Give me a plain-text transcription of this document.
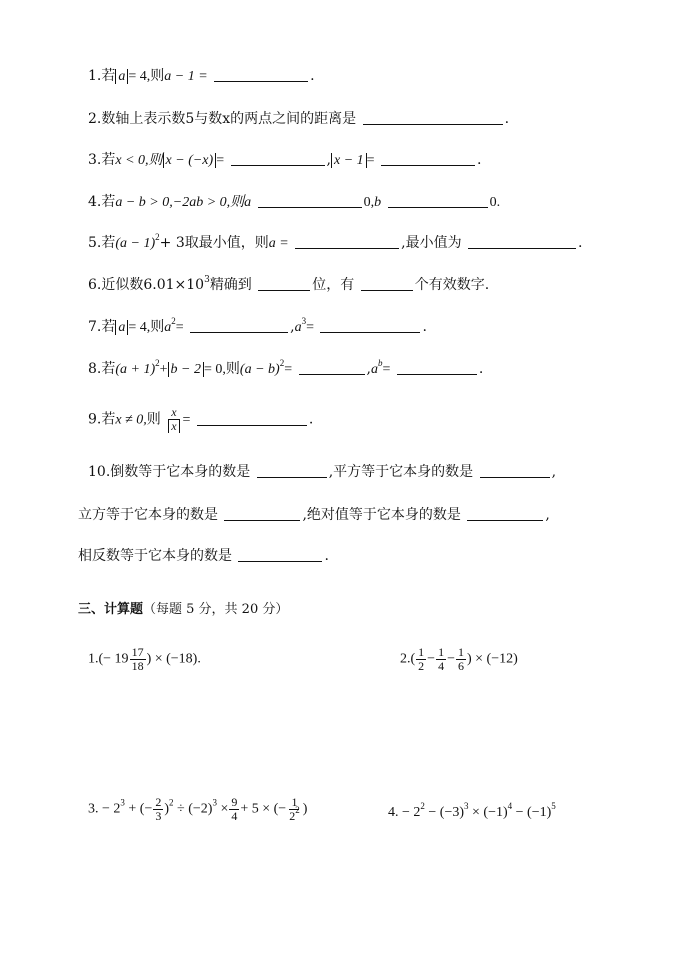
1.若 a = 4,则a − 1 =	.
2.数轴上表示数5与数x的两点之间的距离是	.
3.若x < 0,则 x − (−x) =	, x − 1 =	.
4.若a − b > 0,−2ab > 0,则a	0,b	0.
5.若$(a - 1)^2+ 3$取最小值，则a =	,最小值为	.
6.近似数$6.01\times 10^3$精确到	位，有	个有效数字.
7.若 a = 4,则$a^2=$	$,a^3=$	.
8.若$(a + 1)^2+ b - 2 = 0$,则$(a - b)^2=$	$,a^b=$	.
9.若x ≠ 0,则 $\frac{x}{x}$ =	.
10.倒数等于它本身的数是	,平方等于它本身的数是	,
立方等于它本身的数是	,绝对值等于它本身的数是	,
相反数等于它本身的数是	.
三、计算题（每题 5 分，共 20 分）
$1.(- 19 \frac{17}{18}$ ) × (−18).	$2.( \frac{1}{2} - \frac{1}{4} - \frac{1}{6}$ ) × (−12)
3. − $2^3$ + (− $\frac{2}{3} )^2 \div (-2)^3 \times \frac{9}{4} + 5$ × (− $\frac{1}{2^2}$ )	4. − $2^2 - (-3)^3 \times (-1)^4 - (-1)^5$
